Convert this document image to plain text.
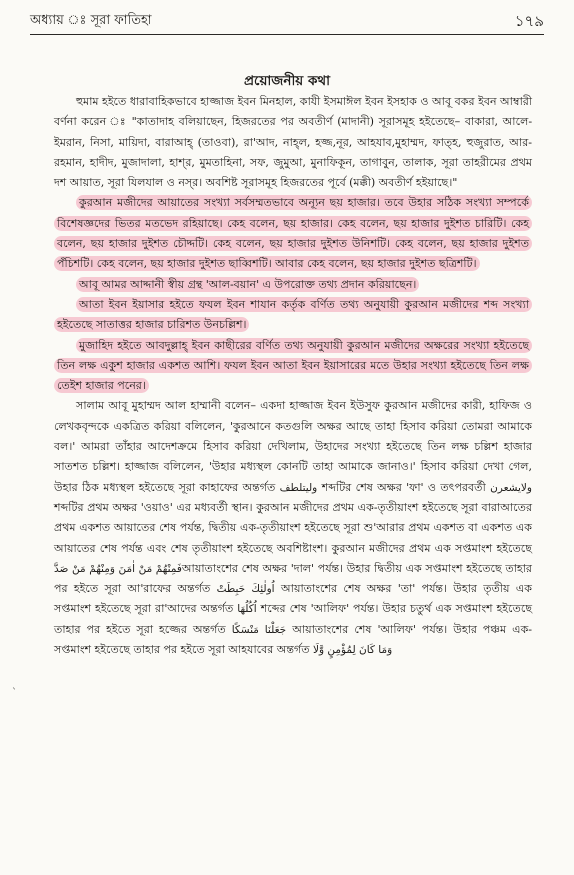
অধ্যায় ঃ সূরা ফাতিহা	১৭৯
প্রয়োজনীয় কথা

হুমাম হইতে ধারাবাহিকভাবে হাজ্জাজ ইবন মিনহাল, কাযী ইসমাঈল ইবন ইসহাক ও আবূ বকর ইবন আম্বারী বর্ণনা করেন ঃ "কাতাদাহ বলিয়াছেন, হিজরতের পর অবতীর্ণ (মাদানী) সূরাসমূহ হইতেছে– বাকারা, আলে-ইমরান, নিসা, মায়িদা, বারাআহ্ (তাওবা), রা'আদ, নাহ্‌ল, হজ্জ,নূর, আহযাব,মুহাম্মদ, ফাত্‌হ, হুজুরাত, আর-রহমান, হাদীদ, মুজাদালা, হাশ্‌র, মুমতাহিনা, সফ, জুমুআ, মুনাফিকূন, তাগাবুন, তালাক, সূরা তাহরীমের প্রথম দশ আয়াত, সূরা যিলযাল ও নস্‌র। অবশিষ্ট সূরাসমূহ হিজরতের পূর্বে (মক্কী) অবতীর্ণ হইয়াছে।"

কুরআন মজীদের আয়াতের সংখ্যা সর্বসম্মতভাবে অন্যূন ছয় হাজার। তবে উহার সঠিক সংখ্যা সম্পর্কে বিশেষজ্ঞদের ভিতর মতভেদ রহিয়াছে। কেহ বলেন, ছয় হাজার। কেহ বলেন, ছয় হাজার দুইশত চারিটি। কেহ বলেন, ছয় হাজার দুইশত চৌদ্দটি। কেহ বলেন, ছয় হাজার দুইশত উনিশটি। কেহ বলেন, ছয় হাজার দুইশত পঁচিশটি। কেহ বলেন, ছয় হাজার দুইশত ছাব্বিশটি। আবার কেহ বলেন, ছয় হাজার দুইশত ছত্রিশটি।

আবূ আমর আদ্দানী স্বীয় গ্রন্থ 'আল-বয়ান' এ উপরোক্ত তথ্য প্রদান করিয়াছেন।

আতা ইবন ইয়াসার হইতে ফযল ইবন শাযান কর্তৃক বর্ণিত তথ্য অনুযায়ী কুরআন মজীদের শব্দ সংখ্যা হইতেছে সাতাত্তর হাজার চারিশত উনচল্লিশ।

মুজাহিদ হইতে আবদুল্লাহ্‌ ইবন কাছীরের বর্ণিত তথ্য অনুযায়ী কুরআন মজীদের অক্ষরের সংখ্যা হইতেছে তিন লক্ষ একুশ হাজার একশত আশি। ফযল ইবন আতা ইবন ইয়াসারের মতে উহার সংখ্যা হইতেছে তিন লক্ষ তেইশ হাজার পনের।

সালাম আবূ মুহাম্মদ আল হাম্মানী বলেন– একদা হাজ্জাজ ইবন ইউসুফ কুরআন মজীদের কারী, হাফিজ ও লেখকবৃন্দকে একত্রিত করিয়া বলিলেন, 'কুরআনে কতগুলি অক্ষর আছে তাহা হিসাব করিয়া তোমরা আমাকে বল।' আমরা তাঁহার আদেশক্রমে হিসাব করিয়া দেখিলাম, উহাদের সংখ্যা হইতেছে তিন লক্ষ চল্লিশ হাজার সাতশত চল্লিশ। হাজ্জাজ বলিলেন, 'উহার মধ্যস্থল কোনটি তাহা আমাকে জানাও।' হিসাব করিয়া দেখা গেল, উহার ঠিক মধ্যস্থল হইতেছে সূরা কাহাফের অন্তর্গত وليتلطف শব্দটির শেষ অক্ষর 'ফা' ও তৎপরবর্তী ولايشعرن শব্দটির প্রথম অক্ষর 'ওয়াও' এর মধ্যবর্তী স্থান। কুরআন মজীদের প্রথম এক-তৃতীয়াংশ হইতেছে সূরা বারাআতের প্রথম একশত আয়াতের শেষ পর্যন্ত, দ্বিতীয় এক-তৃতীয়াংশ হইতেছে সূরা শু'আরার প্রথম একশত বা একশত এক আয়াতের শেষ পর্যন্ত এবং শেষ তৃতীয়াংশ হইতেছে অবশিষ্টাংশ। কুরআন মজীদের প্রথম এক সপ্তমাংশ হইতেছে فَمِنْهُمْ مَنْ اٰمَنَ وَمِنْهُمْ مَنْ صَدَّআয়াতাংশের শেষ অক্ষর 'দাল' পর্যন্ত। উহার দ্বিতীয় এক সপ্তমাংশ হইতেছে তাহার পর হইতে সূরা আ'রাফের অন্তর্গত اُولٰئِكَ حَبِطَتْ আয়াতাংশের শেষ অক্ষর 'তা' পর্যন্ত। উহার তৃতীয় এক সপ্তমাংশ হইতেছে সূরা রা'আদের অন্তর্গত اُكُلُهَا শব্দের শেষ 'আলিফ' পর্যন্ত। উহার চতুর্থ এক সপ্তমাংশ হইতেছে তাহার পর হইতে সূরা হজ্জের অন্তর্গত جَعَلْنَا مَنْسَكًا আয়াতাংশের শেষ 'আলিফ' পর্যন্ত। উহার পঞ্চম এক-সপ্তমাংশ হইতেছে তাহার পর হইতে সূরা আহযাবের অন্তর্গত وَمَا كَانَ لِمُؤْمِنٍ وَّلَا

`
